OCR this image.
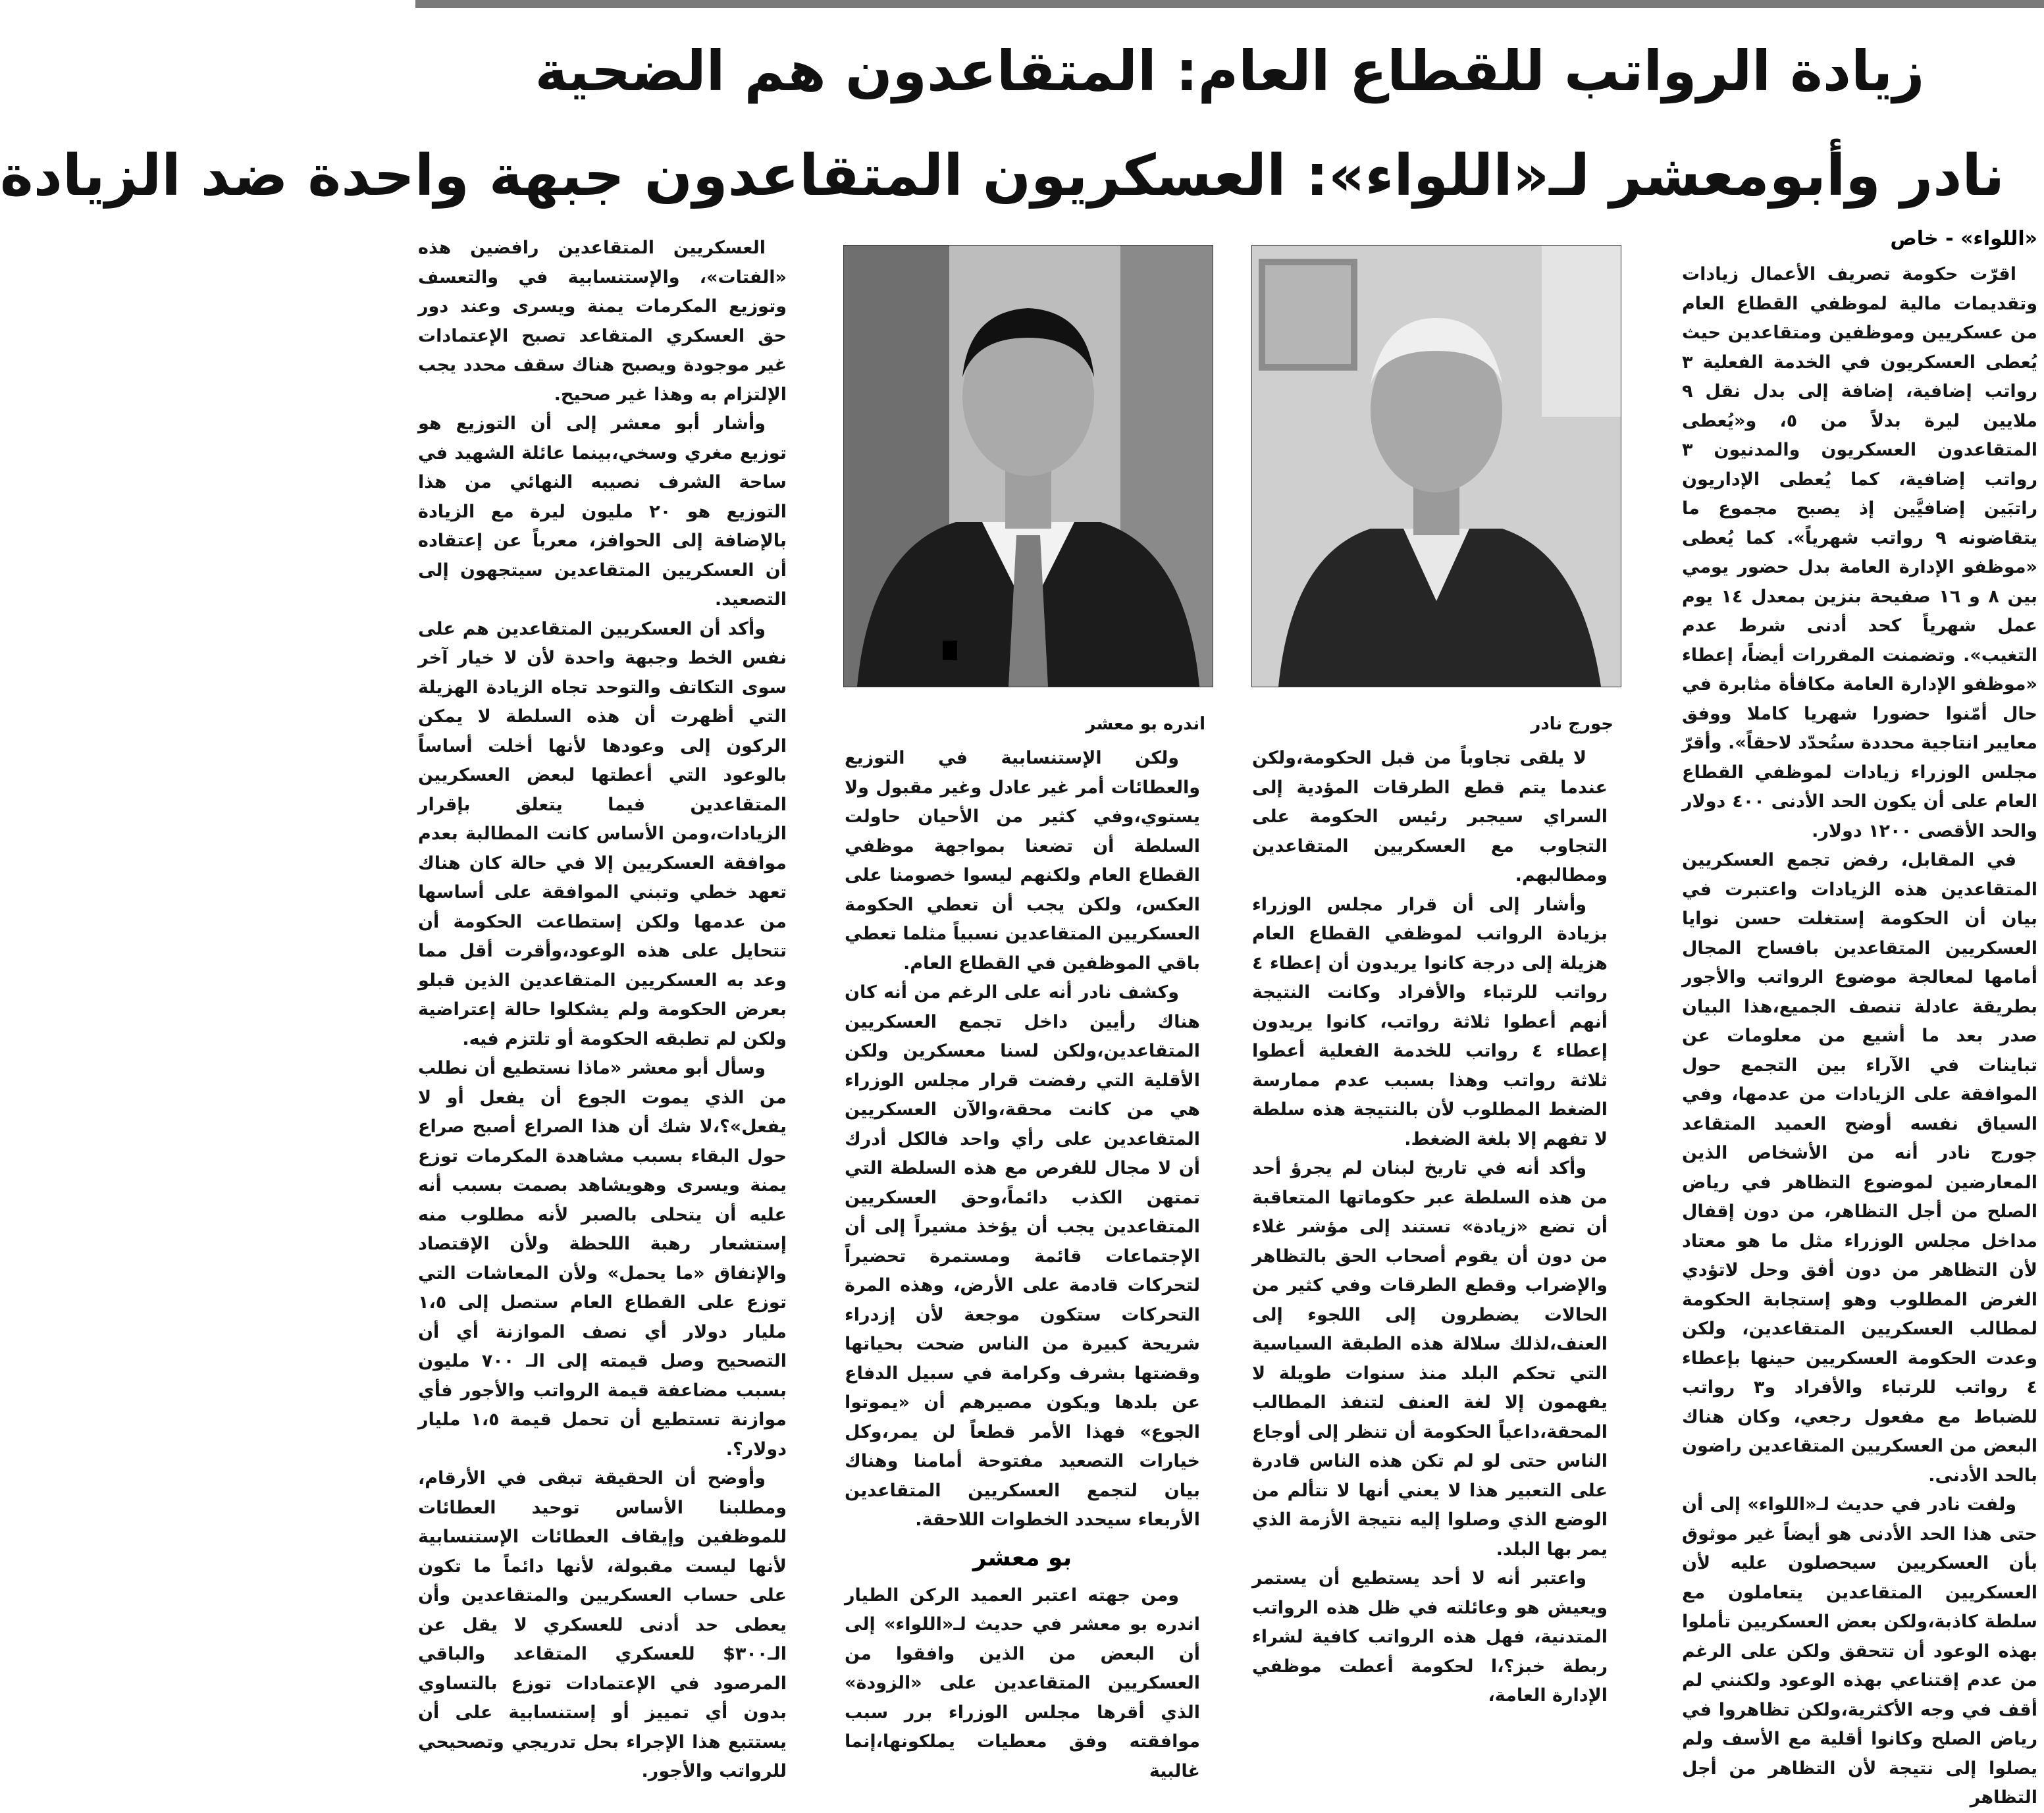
زيادة الرواتب للقطاع العام: المتقاعدون هم الضحية
نادر وأبومعشر لـ«اللواء»: العسكريون المتقاعدون جبهة واحدة ضد الزيادة

«اللواء» - خاص

اقرّت حكومة تصريف الأعمال زيادات وتقديمات مالية لموظفي القطاع العام من عسكريين وموظفين ومتقاعدين حيث يُعطى العسكريون في الخدمة الفعلية ٣ رواتب إضافية، إضافة إلى بدل نقل ٩ ملايين ليرة بدلاً من ٥، و«يُعطى المتقاعدون العسكريون والمدنيون ٣ رواتب إضافية، كما يُعطى الإداريون راتبَين إضافيَّين إذ يصبح مجموع ما يتقاضونه ٩ رواتب شهرياً». كما يُعطى «موظفو الإدارة العامة بدل حضور يومي بين ٨ و ١٦ صفيحة بنزين بمعدل ١٤ يوم عمل شهرياً كحد أدنى شرط عدم التغيب». وتضمنت المقررات أيضاً، إعطاء «موظفو الإدارة العامة مكافأة مثابرة في حال أمّنوا حضورا شهريا كاملا ووفق معايير انتاجية محددة ستُحدّد لاحقاً». وأقرّ مجلس الوزراء زيادات لموظفي القطاع العام على أن يكون الحد الأدنى ٤٠٠ دولار والحد الأقصى ١٢٠٠ دولار.

في المقابل، رفض تجمع العسكريين المتقاعدين هذه الزيادات واعتبرت في بيان أن الحكومة إستغلت حسن نوايا العسكريين المتقاعدين بافساح المجال أمامها لمعالجة موضوع الرواتب والأجور بطريقة عادلة تنصف الجميع،هذا البيان صدر بعد ما أشيع من معلومات عن تباينات في الآراء بين التجمع حول الموافقة على الزيادات من عدمها، وفي السياق نفسه أوضح العميد المتقاعد جورج نادر أنه من الأشخاص الذين المعارضين لموضوع التظاهر في رياض الصلح من أجل التظاهر، من دون إقفال مداخل مجلس الوزراء مثل ما هو معتاد لأن التظاهر من دون أفق وحل لاتؤدي الغرض المطلوب وهو إستجابة الحكومة لمطالب العسكريين المتقاعدين، ولكن وعدت الحكومة العسكريين حينها بإعطاء ٤ رواتب للرتباء والأفراد و٣ رواتب للضباط مع مفعول رجعي، وكان هناك البعض من العسكريين المتقاعدين راضون بالحد الأدنى.

ولفت نادر في حديث لـ«اللواء» إلى أن حتى هذا الحد الأدنى هو أيضاً غير موثوق بأن العسكريين سيحصلون عليه لأن العسكريين المتقاعدين يتعاملون مع سلطة كاذبة،ولكن بعض العسكريين تأملوا بهذه الوعود أن تتحقق ولكن على الرغم من عدم إقتناعي بهذه الوعود ولكنني لم أقف في وجه الأكثرية،ولكن تظاهروا في رياض الصلح وكانوا أقلية مع الأسف ولم يصلوا إلى نتيجة لأن التظاهر من أجل التظاهر

جورج نادر
اندره بو معشر

لا يلقى تجاوباً من قبل الحكومة،ولكن عندما يتم قطع الطرقات المؤدية إلى السراي سيجبر رئيس الحكومة على التجاوب مع العسكريين المتقاعدين ومطالبهم.

وأشار إلى أن قرار مجلس الوزراء بزيادة الرواتب لموظفي القطاع العام هزيلة إلى درجة كانوا يريدون أن إعطاء ٤ رواتب للرتباء والأفراد وكانت النتيجة أنهم أعطوا ثلاثة رواتب، كانوا يريدون إعطاء ٤ رواتب للخدمة الفعلية أعطوا ثلاثة رواتب وهذا بسبب عدم ممارسة الضغط المطلوب لأن بالنتيجة هذه سلطة لا تفهم إلا بلغة الضغط.

وأكد أنه في تاريخ لبنان لم يجرؤ أحد من هذه السلطة عبر حكوماتها المتعاقبة أن تضع «زيادة» تستند إلى مؤشر غلاء من دون أن يقوم أصحاب الحق بالتظاهر والإضراب وقطع الطرقات وفي كثير من الحالات يضطرون إلى اللجوء إلى العنف،لذلك سلالة هذه الطبقة السياسية التي تحكم البلد منذ سنوات طويلة لا يفهمون إلا لغة العنف لتنفذ المطالب المحقة،داعياً الحكومة أن تنظر إلى أوجاع الناس حتى لو لم تكن هذه الناس قادرة على التعبير هذا لا يعني أنها لا تتألم من الوضع الذي وصلوا إليه نتيجة الأزمة الذي يمر بها البلد.

واعتبر أنه لا أحد يستطيع أن يستمر ويعيش هو وعائلته في ظل هذه الرواتب المتدنية، فهل هذه الرواتب كافية لشراء ربطة خبز؟،ا لحكومة أعطت موظفي الإدارة العامة،

ولكن الإستنسابية في التوزيع والعطائات أمر غير عادل وغير مقبول ولا يستوي،وفي كثير من الأحيان حاولت السلطة أن تضعنا بمواجهة موظفي القطاع العام ولكنهم ليسوا خصومنا على العكس، ولكن يجب أن تعطي الحكومة العسكريين المتقاعدين نسبياً مثلما تعطي باقي الموظفين في القطاع العام.

وكشف نادر أنه على الرغم من أنه كان هناك رأيين داخل تجمع العسكريين المتقاعدين،ولكن لسنا معسكرين ولكن الأقلية التي رفضت قرار مجلس الوزراء هي من كانت محقة،والآن العسكريين المتقاعدين على رأي واحد فالكل أدرك أن لا مجال للفرص مع هذه السلطة التي تمتهن الكذب دائماً،وحق العسكريين المتقاعدين يجب أن يؤخذ مشيراً إلى أن الإجتماعات قائمة ومستمرة تحضيراً لتحركات قادمة على الأرض، وهذه المرة التحركات ستكون موجعة لأن إزدراء شريحة كبيرة من الناس ضحت بحياتها وقضتها بشرف وكرامة في سبيل الدفاع عن بلدها ويكون مصيرهم أن «يموتوا الجوع» فهذا الأمر قطعاً لن يمر،وكل خيارات التصعيد مفتوحة أمامنا وهناك بيان لتجمع العسكريين المتقاعدين الأربعاء سيحدد الخطوات اللاحقة.

بو معشر

ومن جهته اعتبر العميد الركن الطيار اندره بو معشر في حديث لـ«اللواء» إلى أن البعض من الذين وافقوا من العسكريين المتقاعدين على «الزودة» الذي أقرها مجلس الوزراء برر سبب موافقته وفق معطيات يملكونها،إنما غالبية

العسكريين المتقاعدين رافضين هذه «الفتات»، والإستنسابية في والتعسف وتوزيع المكرمات يمنة ويسرى وعند دور حق العسكري المتقاعد تصبح الإعتمادات غير موجودة ويصبح هناك سقف محدد يجب الإلتزام به وهذا غير صحيح.

وأشار أبو معشر إلى أن التوزيع هو توزيع مغري وسخي،بينما عائلة الشهيد في ساحة الشرف نصيبه النهائي من هذا التوزيع هو ٢٠ مليون ليرة مع الزيادة بالإضافة إلى الحوافز، معرباً عن إعتقاده أن العسكريين المتقاعدين سيتجهون إلى التصعيد.

وأكد أن العسكريين المتقاعدين هم على نفس الخط وجبهة واحدة لأن لا خيار آخر سوى التكاتف والتوحد تجاه الزيادة الهزيلة التي أظهرت أن هذه السلطة لا يمكن الركون إلى وعودها لأنها أخلت أساساً بالوعود التي أعطتها لبعض العسكريين المتقاعدين فيما يتعلق بإقرار الزيادات،ومن الأساس كانت المطالبة بعدم موافقة العسكريين إلا في حالة كان هناك تعهد خطي وتبني الموافقة على أساسها من عدمها ولكن إستطاعت الحكومة أن تتحايل على هذه الوعود،وأقرت أقل مما وعد به العسكريين المتقاعدين الذين قبلو بعرض الحكومة ولم يشكلوا حالة إعتراضية ولكن لم تطبقه الحكومة أو تلتزم فيه.

وسأل أبو معشر «ماذا نستطيع أن نطلب من الذي يموت الجوع أن يفعل أو لا يفعل»؟،لا شك أن هذا الصراع أصبح صراع حول البقاء بسبب مشاهدة المكرمات توزع يمنة ويسرى وهويشاهد بصمت بسبب أنه عليه أن يتحلى بالصبر لأنه مطلوب منه إستشعار رهبة اللحظة ولأن الإقتصاد والإنفاق «ما يحمل» ولأن المعاشات التي توزع على القطاع العام ستصل إلى ١،٥ مليار دولار أي نصف الموازنة أي أن التصحيح وصل قيمته إلى الـ ٧٠٠ مليون بسبب مضاعفة قيمة الرواتب والأجور فأي موازنة تستطيع أن تحمل قيمة ١،٥ مليار دولار؟.

وأوضح أن الحقيقة تبقى في الأرقام، ومطلبنا الأساس توحيد العطائات للموظفين وإيقاف العطائات الإستنسابية لأنها ليست مقبولة، لأنها دائماً ما تكون على حساب العسكريين والمتقاعدين وأن يعطى حد أدنى للعسكري لا يقل عن الـ٣٠٠$ للعسكري المتقاعد والباقي المرصود في الإعتمادات توزع بالتساوي بدون أي تمييز أو إستنسابية على أن يستتبع هذا الإجراء بحل تدريجي وتصحيحي للرواتب والأجور.
